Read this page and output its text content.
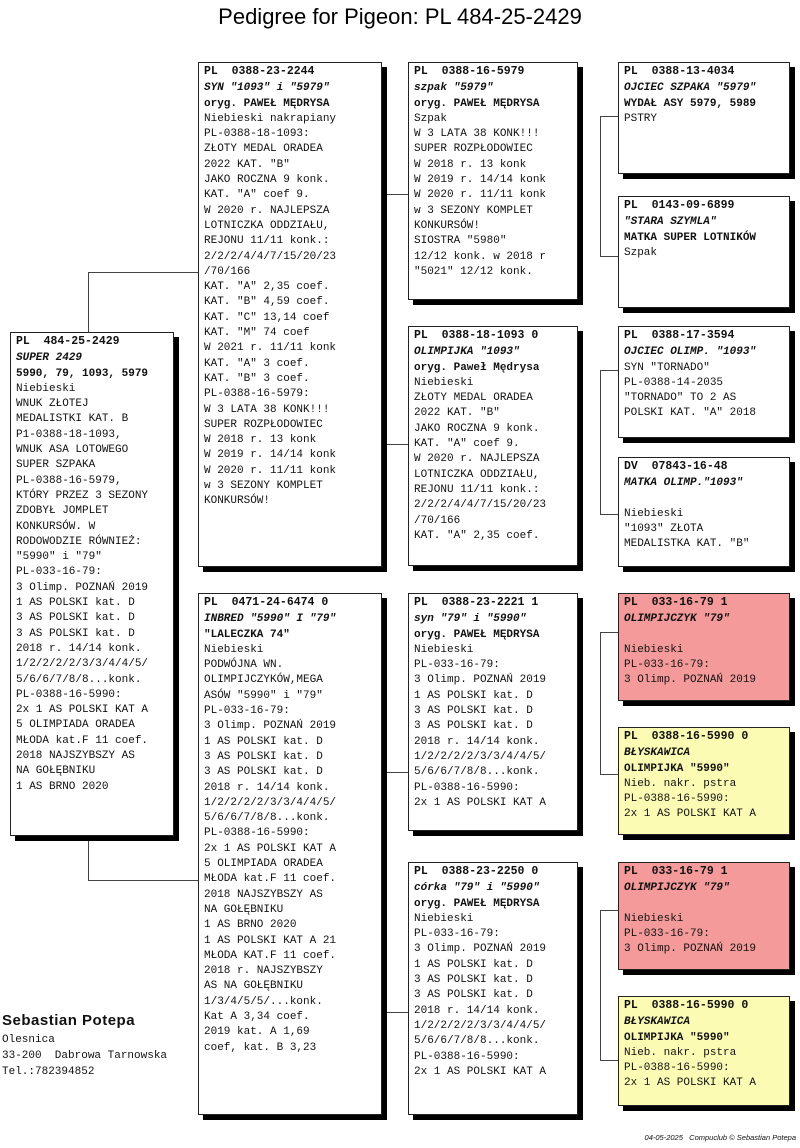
Pedigree for Pigeon: PL 484-25-2429
PL  484-25-2429
SUPER 2429
5990, 79, 1093, 5979
Niebieski
WNUK ZŁOTEJ
MEDALISTKI KAT. B
P1-0388-18-1093,
WNUK ASA LOTOWEGO
SUPER SZPAKA
PL-0388-16-5979,
KTÓRY PRZEZ 3 SEZONY
ZDOBYŁ JOMPLET
KONKURSÓW. W
RODOWODZIE RÓWNIEŻ:
"5990" i "79"
PL-033-16-79:
3 Olimp. POZNAŃ 2019
1 AS POLSKI kat. D
3 AS POLSKI kat. D
3 AS POLSKI kat. D
2018 r. 14/14 konk.
1/2/2/2/2/3/3/4/4/5/
5/6/6/7/8/8...konk.
PL-0388-16-5990:
2x 1 AS POLSKI KAT A
5 OLIMPIADA ORADEA
MŁODA kat.F 11 coef.
2018 NAJSZYBSZY AS
NA GOŁĘBNIKU
1 AS BRNO 2020
PL  0388-23-2244
SYN "1093" i "5979"
oryg. PAWEŁ MĘDRYSA
Niebieski nakrapiany
PL-0388-18-1093:
ZŁOTY MEDAL ORADEA
2022 KAT. "B"
JAKO ROCZNA 9 konk.
KAT. "A" coef 9.
W 2020 r. NAJLEPSZA
LOTNICZKA ODDZIAŁU,
REJONU 11/11 konk.:
2/2/2/4/4/7/15/20/23
/70/166
KAT. "A" 2,35 coef.
KAT. "B" 4,59 coef.
KAT. "C" 13,14 coef
KAT. "M" 74 coef
W 2021 r. 11/11 konk
KAT. "A" 3 coef.
KAT. "B" 3 coef.
PL-0388-16-5979:
W 3 LATA 38 KONK!!!
SUPER ROZPŁODOWIEC
W 2018 r. 13 konk
W 2019 r. 14/14 konk
W 2020 r. 11/11 konk
w 3 SEZONY KOMPLET
KONKURSÓW!
PL  0471-24-6474 0
INBRED "5990" I "79"
"LALECZKA 74"
Niebieski
PODWÓJNA WN.
OLIMPIJCZYKÓW,MEGA
ASÓW "5990" i "79"
PL-033-16-79:
3 Olimp. POZNAŃ 2019
1 AS POLSKI kat. D
3 AS POLSKI kat. D
3 AS POLSKI kat. D
2018 r. 14/14 konk.
1/2/2/2/2/3/3/4/4/5/
5/6/6/7/8/8...konk.
PL-0388-16-5990:
2x 1 AS POLSKI KAT A
5 OLIMPIADA ORADEA
MŁODA kat.F 11 coef.
2018 NAJSZYBSZY AS
NA GOŁĘBNIKU
1 AS BRNO 2020
1 AS POLSKI KAT A 21
MŁODA KAT.F 11 coef.
2018 r. NAJSZYBSZY
AS NA GOŁĘBNIKU
1/3/4/5/5/...konk.
Kat A 3,34 coef.
2019 kat. A 1,69
coef, kat. B 3,23
PL  0388-16-5979
szpak "5979"
oryg. PAWEŁ MĘDRYSA
Szpak
W 3 LATA 38 KONK!!!
SUPER ROZPŁODOWIEC
W 2018 r. 13 konk
W 2019 r. 14/14 konk
W 2020 r. 11/11 konk
w 3 SEZONY KOMPLET
KONKURSÓW!
SIOSTRA "5980"
12/12 konk. w 2018 r
"5021" 12/12 konk.
PL  0388-18-1093 0
OLIMPIJKA "1093"
oryg. Paweł Mędrysa
Niebieski
ZŁOTY MEDAL ORADEA
2022 KAT. "B"
JAKO ROCZNA 9 konk.
KAT. "A" coef 9.
W 2020 r. NAJLEPSZA
LOTNICZKA ODDZIAŁU,
REJONU 11/11 konk.:
2/2/2/4/4/7/15/20/23
/70/166
KAT. "A" 2,35 coef.
PL  0388-23-2221 1
syn "79" i "5990"
oryg. PAWEŁ MĘDRYSA
Niebieski
PL-033-16-79:
3 Olimp. POZNAŃ 2019
1 AS POLSKI kat. D
3 AS POLSKI kat. D
3 AS POLSKI kat. D
2018 r. 14/14 konk.
1/2/2/2/2/3/3/4/4/5/
5/6/6/7/8/8...konk.
PL-0388-16-5990:
2x 1 AS POLSKI KAT A
PL  0388-23-2250 0
córka "79" i "5990"
oryg. PAWEŁ MĘDRYSA
Niebieski
PL-033-16-79:
3 Olimp. POZNAŃ 2019
1 AS POLSKI kat. D
3 AS POLSKI kat. D
3 AS POLSKI kat. D
2018 r. 14/14 konk.
1/2/2/2/2/3/3/4/4/5/
5/6/6/7/8/8...konk.
PL-0388-16-5990:
2x 1 AS POLSKI KAT A
PL  0388-13-4034
OJCIEC SZPAKA "5979"
WYDAŁ ASY 5979, 5989
PSTRY
PL  0143-09-6899
"STARA SZYMLA"
MATKA SUPER LOTNIKÓW
Szpak
PL  0388-17-3594
OJCIEC OLIMP. "1093"
SYN "TORNADO"
PL-0388-14-2035
"TORNADO" TO 2 AS
POLSKI KAT. "A" 2018
DV  07843-16-48
MATKA OLIMP."1093"

Niebieski
"1093" ZŁOTA
MEDALISTKA KAT. "B"
PL  033-16-79 1
OLIMPIJCZYK "79"

Niebieski
PL-033-16-79:
3 Olimp. POZNAŃ 2019
PL  0388-16-5990 0
BŁYSKAWICA
OLIMPIJKA "5990"
Nieb. nakr. pstra
PL-0388-16-5990:
2x 1 AS POLSKI KAT A
PL  033-16-79 1
OLIMPIJCZYK "79"

Niebieski
PL-033-16-79:
3 Olimp. POZNAŃ 2019
PL  0388-16-5990 0
BŁYSKAWICA
OLIMPIJKA "5990"
Nieb. nakr. pstra
PL-0388-16-5990:
2x 1 AS POLSKI KAT A
Sebastian Potepa
Olesnica
33-200  Dabrowa Tarnowska
Tel.:782394852
04-05-2025   Compuclub © Sebastian Potepa
